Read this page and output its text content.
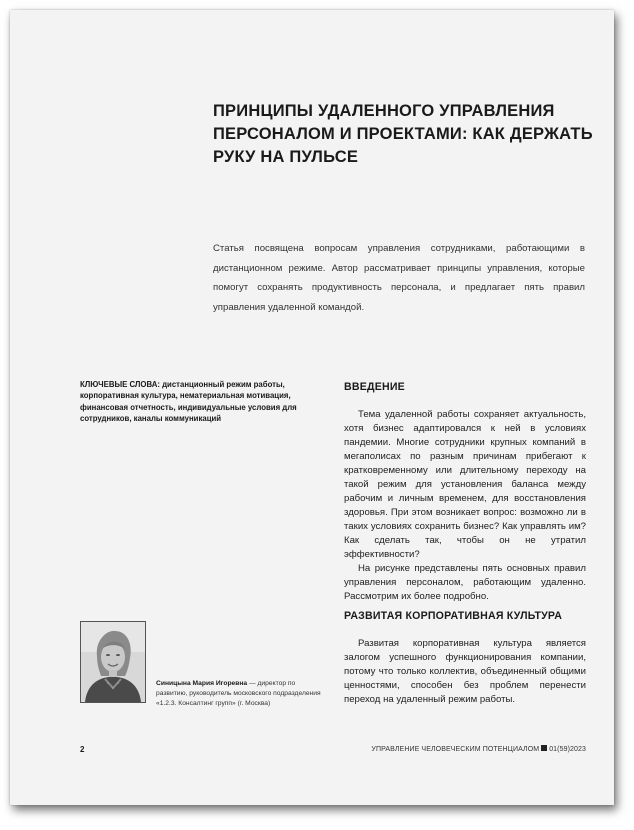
ПРИНЦИПЫ УДАЛЕННОГО УПРАВЛЕНИЯ ПЕРСОНАЛОМ И ПРОЕКТАМИ: КАК ДЕРЖАТЬ РУКУ НА ПУЛЬСЕ
Статья посвящена вопросам управления сотрудниками, работающими в дистанционном режиме. Автор рассматривает принципы управления, которые помогут сохранять продуктивность персонала, и предлагает пять правил управления удаленной командой.
КЛЮЧЕВЫЕ СЛОВА: дистанционный режим работы, корпоративная культура, нематериальная мотивация, финансовая отчетность, индивидуальные условия для сотрудников, каналы коммуникаций
ВВЕДЕНИЕ

Тема удаленной работы сохраняет актуальность, хотя бизнес адаптировался к ней в условиях пандемии. Многие сотрудники крупных компаний в мегаполисах по разным причинам прибегают к кратковременному или длительному переходу на такой режим для установления баланса между рабочим и личным временем, для восстановления здоровья. При этом возникает вопрос: возможно ли в таких условиях сохранить бизнес? Как управлять им? Как сделать так, чтобы он не утратил эффективности?

На рисунке представлены пять основных правил управления персоналом, работающим удаленно. Рассмотрим их более подробно.

РАЗВИТАЯ КОРПОРАТИВНАЯ КУЛЬТУРА

Развитая корпоративная культура является залогом успешного функционирования компании, потому что только коллектив, объединенный общими ценностями, способен без проблем перенести переход на удаленный режим работы.

Синицына Мария Игоревна — директор по развитию, руководитель московского подразделения «1.2.3. Консалтинг групп» (г. Москва)
2	УПРАВЛЕНИЕ ЧЕЛОВЕЧЕСКИМ ПОТЕНЦИАЛОМ 01(59)2023
